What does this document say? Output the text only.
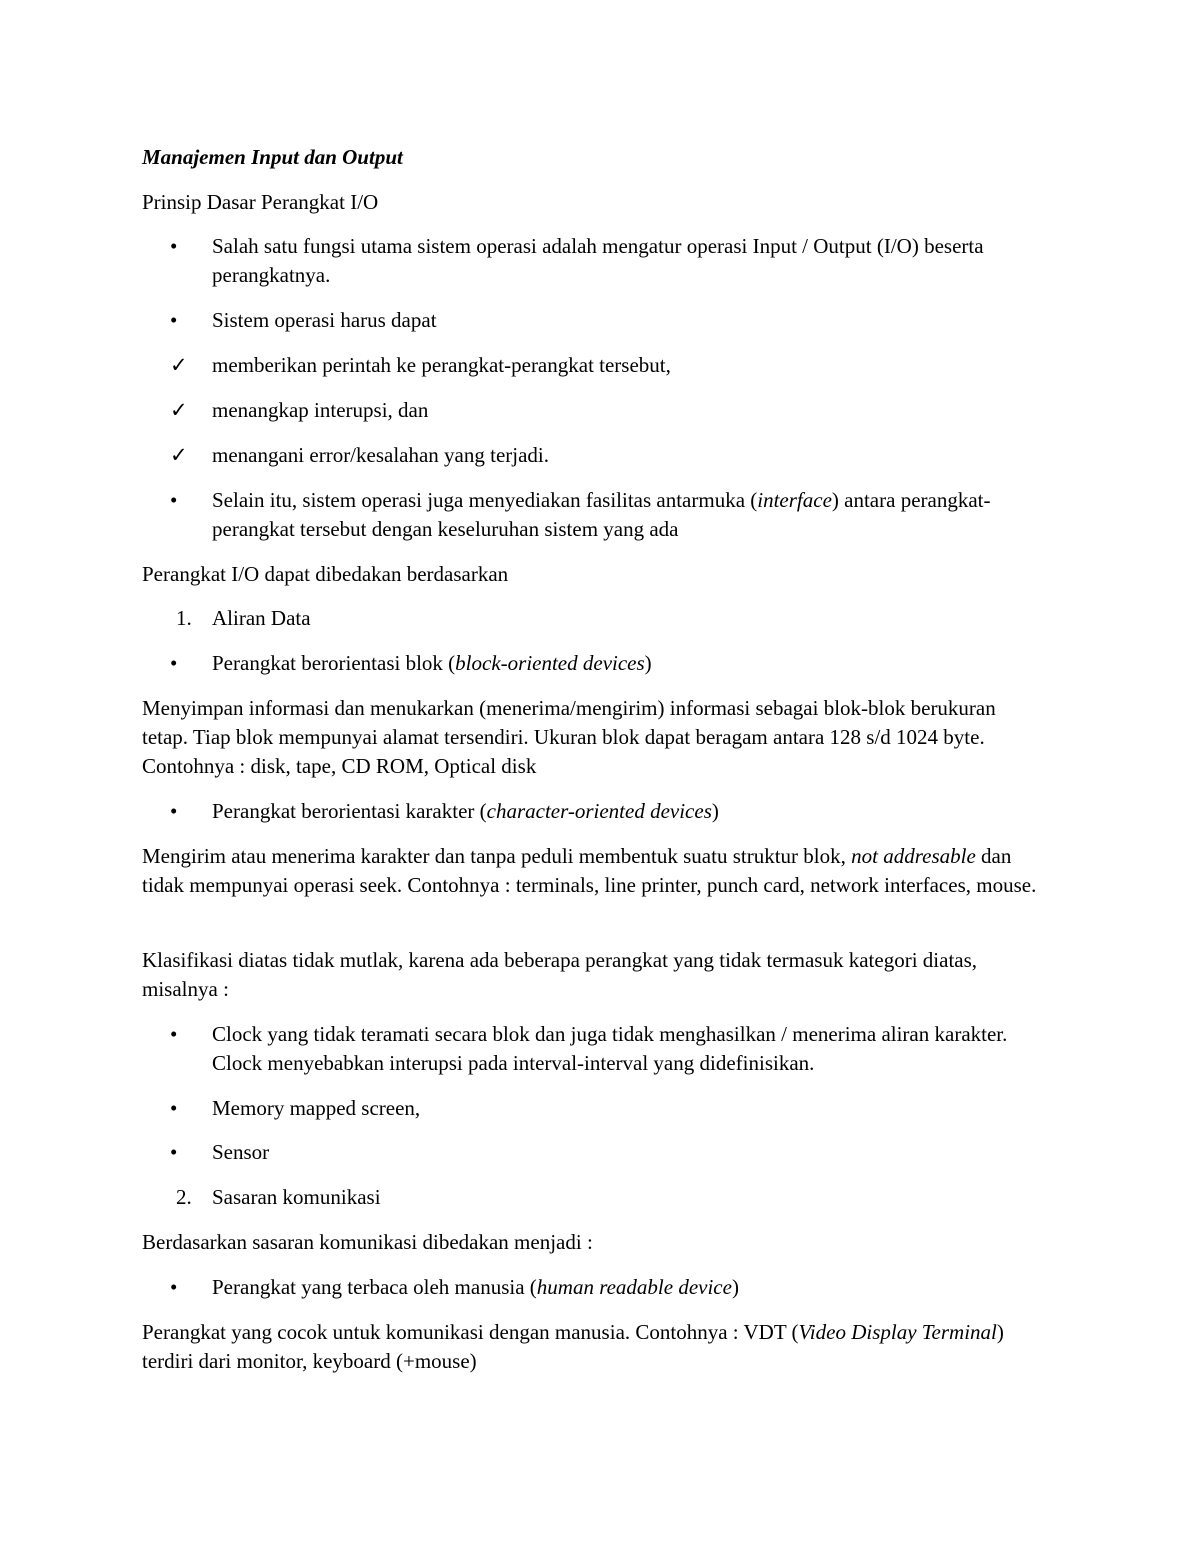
Manajemen Input dan Output

Prinsip Dasar Perangkat I/O

•	Salah satu fungsi utama sistem operasi adalah mengatur operasi Input / Output (I/O) beserta perangkatnya.
•	Sistem operasi harus dapat
✓	memberikan perintah ke perangkat-perangkat tersebut,
✓	menangkap interupsi, dan
✓	menangani error/kesalahan yang terjadi.
•	Selain itu, sistem operasi juga menyediakan fasilitas antarmuka (interface) antara perangkat-perangkat tersebut dengan keseluruhan sistem yang ada

Perangkat I/O dapat dibedakan berdasarkan

1. Aliran Data
•	Perangkat berorientasi blok (block-oriented devices)

Menyimpan informasi dan menukarkan (menerima/mengirim) informasi sebagai blok-blok berukuran tetap. Tiap blok mempunyai alamat tersendiri. Ukuran blok dapat beragam antara 128 s/d 1024 byte. Contohnya : disk, tape, CD ROM, Optical disk

•	Perangkat berorientasi karakter (character-oriented devices)

Mengirim atau menerima karakter dan tanpa peduli membentuk suatu struktur blok, not addresable dan tidak mempunyai operasi seek. Contohnya : terminals, line printer, punch card, network interfaces, mouse.

Klasifikasi diatas tidak mutlak, karena ada beberapa perangkat yang tidak termasuk kategori diatas, misalnya :

•	Clock yang tidak teramati secara blok dan juga tidak menghasilkan / menerima aliran karakter. Clock menyebabkan interupsi pada interval-interval yang didefinisikan.
•	Memory mapped screen,
•	Sensor
2. Sasaran komunikasi

Berdasarkan sasaran komunikasi dibedakan menjadi :

•	Perangkat yang terbaca oleh manusia (human readable device)

Perangkat yang cocok untuk komunikasi dengan manusia. Contohnya : VDT (Video Display Terminal) terdiri dari monitor, keyboard (+mouse)
